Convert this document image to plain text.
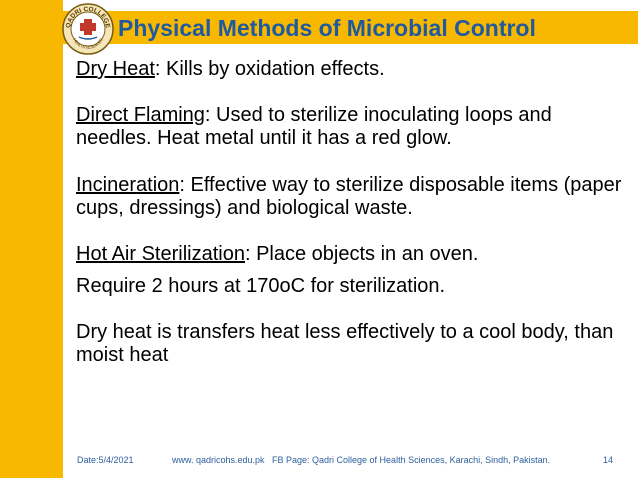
QADRI COLLEGE
HEALTH SCIENCES Physical Methods of Microbial Control

Dry Heat: Kills by oxidation effects.

Direct Flaming: Used to sterilize inoculating loops and needles. Heat metal until it has a red glow.

Incineration: Effective way to sterilize disposable items (paper cups, dressings) and biological waste.

Hot Air Sterilization: Place objects in an oven.

Require 2 hours at 170oC for sterilization.

Dry heat is transfers heat less effectively to a cool body, than moist heat

Date:5/4/2021	www. qadricohs.edu.pk FB Page: Qadri College of Health Sciences, Karachi, Sindh, Pakistan.	14
